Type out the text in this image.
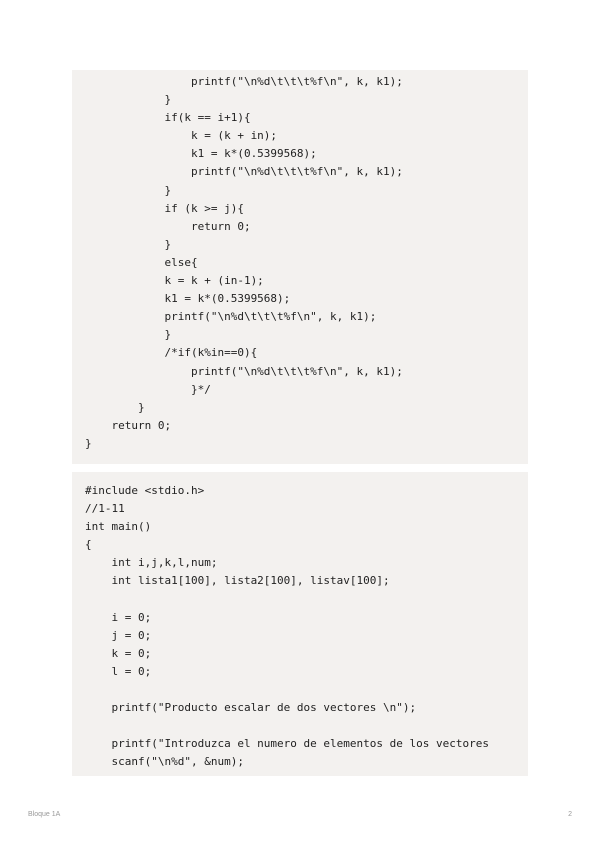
printf("\n%d\t\t\t%f\n", k, k1);
}
if(k == i+1){
k = (k + in);
k1 = k*(0.5399568);
printf("\n%d\t\t\t%f\n", k, k1);
}
if (k >= j){
return 0;
}
else{
k = k + (in-1);
k1 = k*(0.5399568);
printf("\n%d\t\t\t%f\n", k, k1);
}
/*if(k%in==0){
printf("\n%d\t\t\t%f\n", k, k1);
}*/
}
return 0;
}
#include <stdio.h>
//1-11
int main()
{
int i,j,k,l,num;
int lista1[100], lista2[100], listav[100];
i = 0;
j = 0;
k = 0;
l = 0;
printf("Producto escalar de dos vectores \n");
printf("Introduzca el numero de elementos de los vectores
scanf("\n%d", &num);
Bloque 1A	2
